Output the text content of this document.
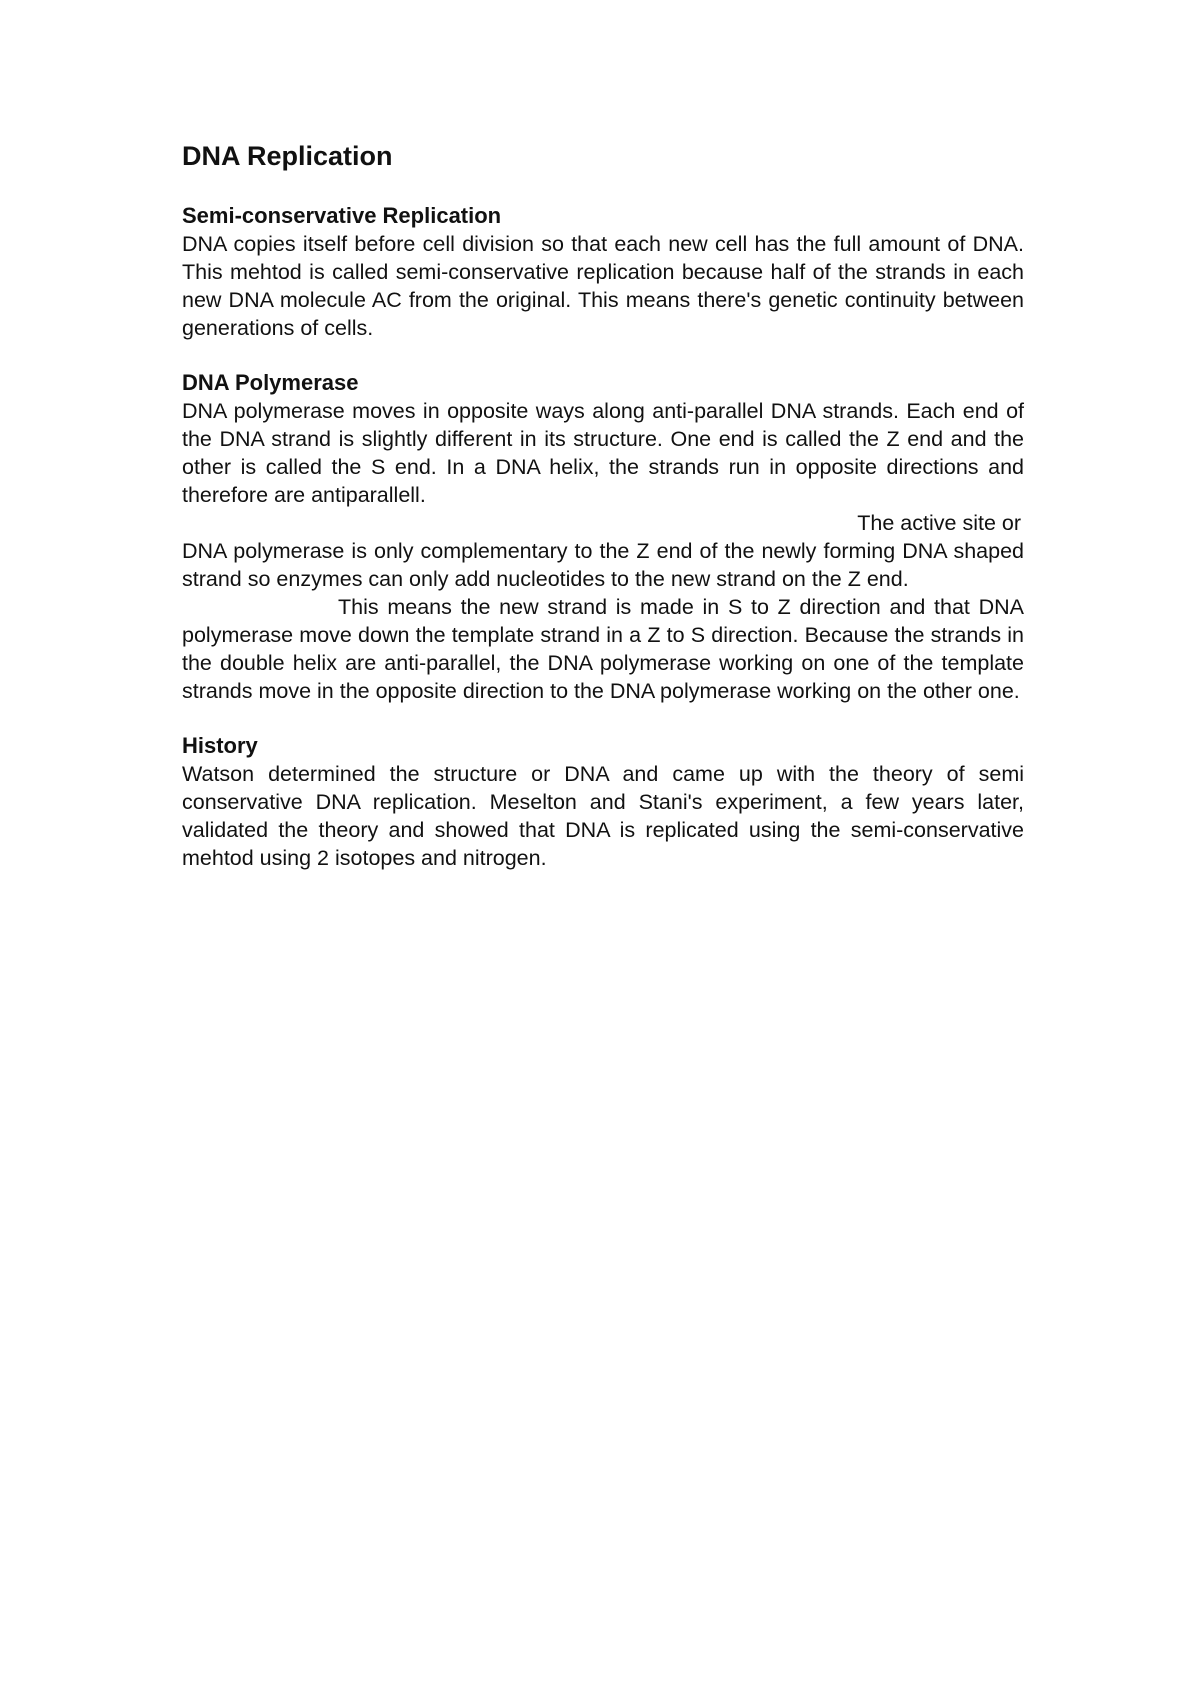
DNA Replication
Semi-conservative Replication

DNA copies itself before cell division so that each new cell has the full amount of DNA. This mehtod is called semi-conservative replication because half of the strands in each new DNA molecule AC from the original. This means there's genetic continuity between generations of cells.

DNA Polymerase

DNA polymerase moves in opposite ways along anti-parallel DNA strands. Each end of the DNA strand is slightly different in its structure. One end is called the Z end and the other is called the S end. In a DNA helix, the strands run in opposite directions and therefore are antiparallell.

The active site or

DNA polymerase is only complementary to the Z end of the newly forming DNA shaped strand so enzymes can only add nucleotides to the new strand on the Z end.

This means the new strand is made in S to Z direction and that DNA polymerase move down the template strand in a Z to S direction. Because the strands in the double helix are anti-parallel, the DNA polymerase working on one of the template strands move in the opposite direction to the DNA polymerase working on the other one.

History

Watson determined the structure or DNA and came up with the theory of semi conservative DNA replication. Meselton and Stani's experiment, a few years later, validated the theory and showed that DNA is replicated using the semi-conservative mehtod using 2 isotopes and nitrogen.
